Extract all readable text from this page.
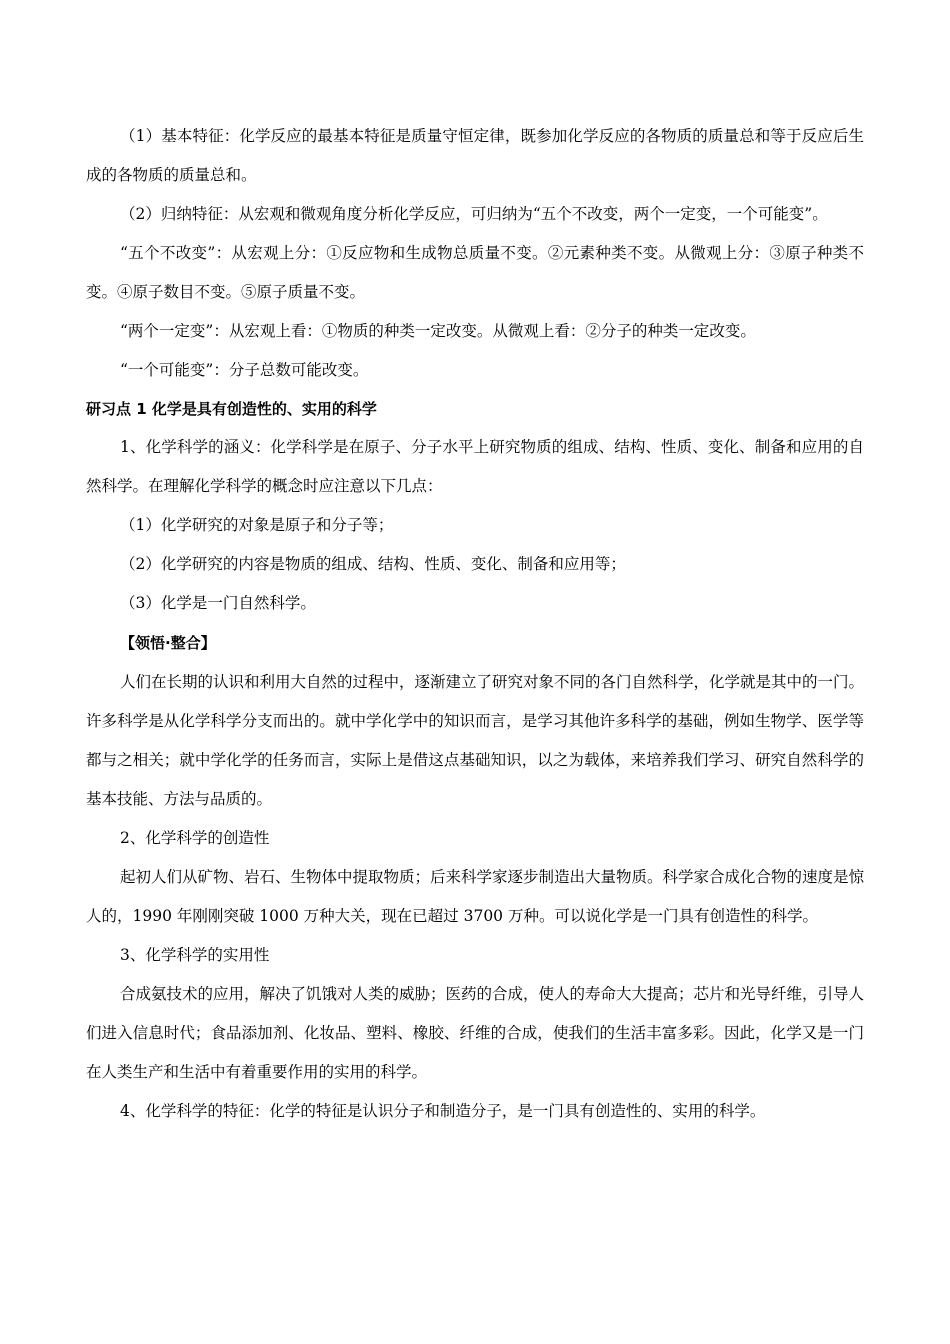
（1）基本特征：化学反应的最基本特征是质量守恒定律，既参加化学反应的各物质的质量总和等于反应后生成的各物质的质量总和。

（2）归纳特征：从宏观和微观角度分析化学反应，可归纳为“五个不改变，两个一定变，一个可能变”。

“五个不改变”：从宏观上分：①反应物和生成物总质量不变。②元素种类不变。从微观上分：③原子种类不变。④原子数目不变。⑤原子质量不变。

“两个一定变”：从宏观上看：①物质的种类一定改变。从微观上看：②分子的种类一定改变。

“一个可能变”：分子总数可能改变。

研习点 1 化学是具有创造性的、实用的科学

1、化学科学的涵义：化学科学是在原子、分子水平上研究物质的组成、结构、性质、变化、制备和应用的自然科学。在理解化学科学的概念时应注意以下几点：

（1）化学研究的对象是原子和分子等；

（2）化学研究的内容是物质的组成、结构、性质、变化、制备和应用等；

（3）化学是一门自然科学。

【领悟·整合】

人们在长期的认识和利用大自然的过程中，逐渐建立了研究对象不同的各门自然科学，化学就是其中的一门。许多科学是从化学科学分支而出的。就中学化学中的知识而言，是学习其他许多科学的基础，例如生物学、医学等都与之相关；就中学化学的任务而言，实际上是借这点基础知识，以之为载体，来培养我们学习、研究自然科学的基本技能、方法与品质的。

2、化学科学的创造性

起初人们从矿物、岩石、生物体中提取物质；后来科学家逐步制造出大量物质。科学家合成化合物的速度是惊人的，1990 年刚刚突破 1000 万种大关，现在已超过 3700 万种。可以说化学是一门具有创造性的科学。

3、化学科学的实用性

合成氨技术的应用，解决了饥饿对人类的威胁；医药的合成，使人的寿命大大提高；芯片和光导纤维，引导人们进入信息时代；食品添加剂、化妆品、塑料、橡胶、纤维的合成，使我们的生活丰富多彩。因此，化学又是一门在人类生产和生活中有着重要作用的实用的科学。

4、化学科学的特征：化学的特征是认识分子和制造分子，是一门具有创造性的、实用的科学。
